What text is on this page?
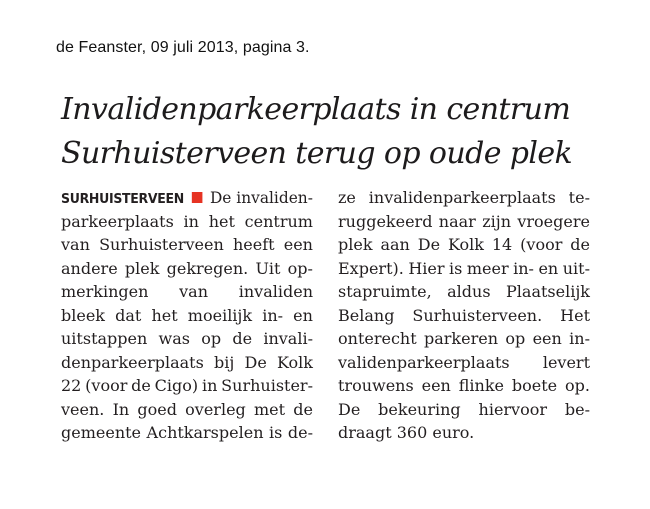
de Feanster, 09 juli 2013, pagina 3.
Invalidenparkeerplaats in centrum
Surhuisterveen terug op oude plek
SURHUISTERVEEN De invaliden-
parkeerplaats in het centrum
van Surhuisterveen heeft een
andere plek gekregen. Uit op-
merkingen van invaliden
bleek dat het moeilijk in- en
uitstappen was op de invali-
denparkeerplaats bij De Kolk
22 (voor de Cigo) in Surhuister-
veen. In goed overleg met de
gemeente Achtkarspelen is de-
ze invalidenparkeerplaats te-
ruggekeerd naar zijn vroegere
plek aan De Kolk 14 (voor de
Expert). Hier is meer in- en uit-
stapruimte, aldus Plaatselijk
Belang Surhuisterveen. Het
onterecht parkeren op een in-
validenparkeerplaats levert
trouwens een flinke boete op.
De bekeuring hiervoor be-
draagt 360 euro.
